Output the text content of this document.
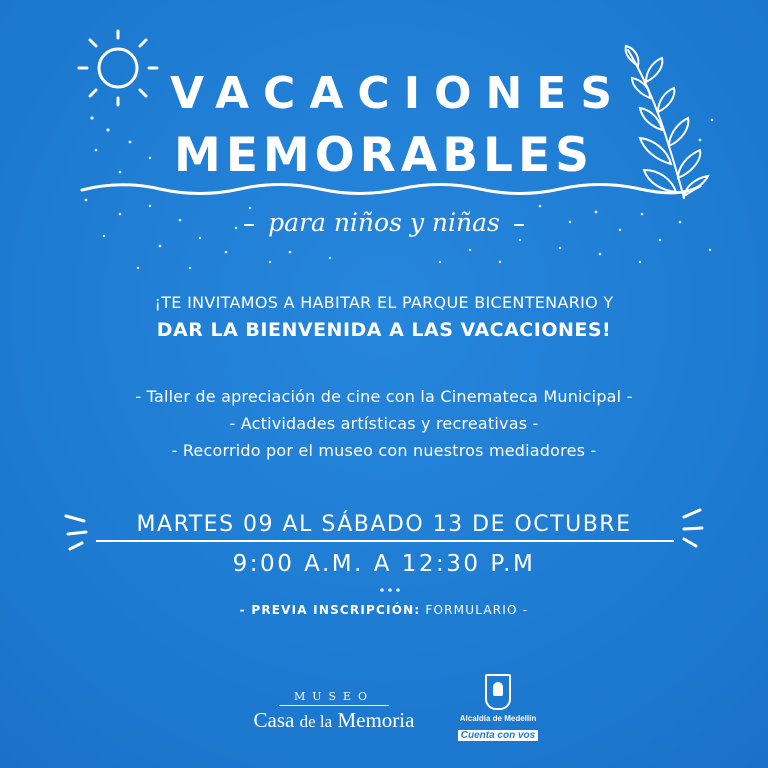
VACACIONES
MEMORABLES
para niños y niñas
¡TE INVITAMOS A HABITAR EL PARQUE BICENTENARIO Y
DAR LA BIENVENIDA A LAS VACACIONES!
- Taller de apreciación de cine con la Cinemateca Municipal -
- Actividades artísticas y recreativas -
- Recorrido por el museo con nuestros mediadores -
MARTES 09 AL SÁBADO 13 DE OCTUBRE
9:00 A.M. A 12:30 P.M
- PREVIA INSCRIPCIÓN: FORMULARIO -
MUSEO
Casa de la Memoria	Alcaldía de Medellín
Cuenta con vos
